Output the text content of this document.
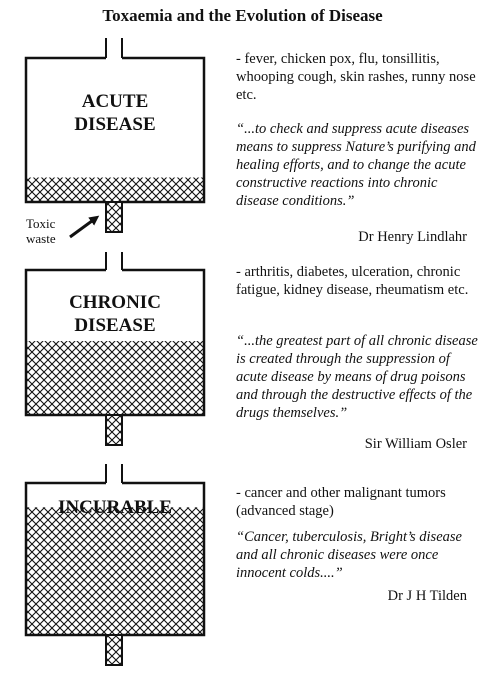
Toxaemia and the Evolution of Disease
ACUTE
DISEASE
CHRONIC
DISEASE
INCURABLE
Toxic
waste
- fever, chicken pox, flu, tonsillitis, whooping cough, skin rashes, runny nose etc.
“...to check and suppress acute diseases means to suppress Nature’s purifying and healing efforts, and to change the acute constructive reactions into chronic disease conditions.”
Dr Henry Lindlahr
- arthritis, diabetes, ulceration, chronic fatigue, kidney disease, rheumatism etc.
“...the greatest part of all chronic disease is created through the suppression of acute disease by means of drug poisons and through the destructive effects of the drugs themselves.”
Sir William Osler
- cancer and other malignant tumors (advanced stage)
“Cancer, tuberculosis, Bright’s disease and all chronic diseases were once innocent colds....”
Dr J H Tilden
